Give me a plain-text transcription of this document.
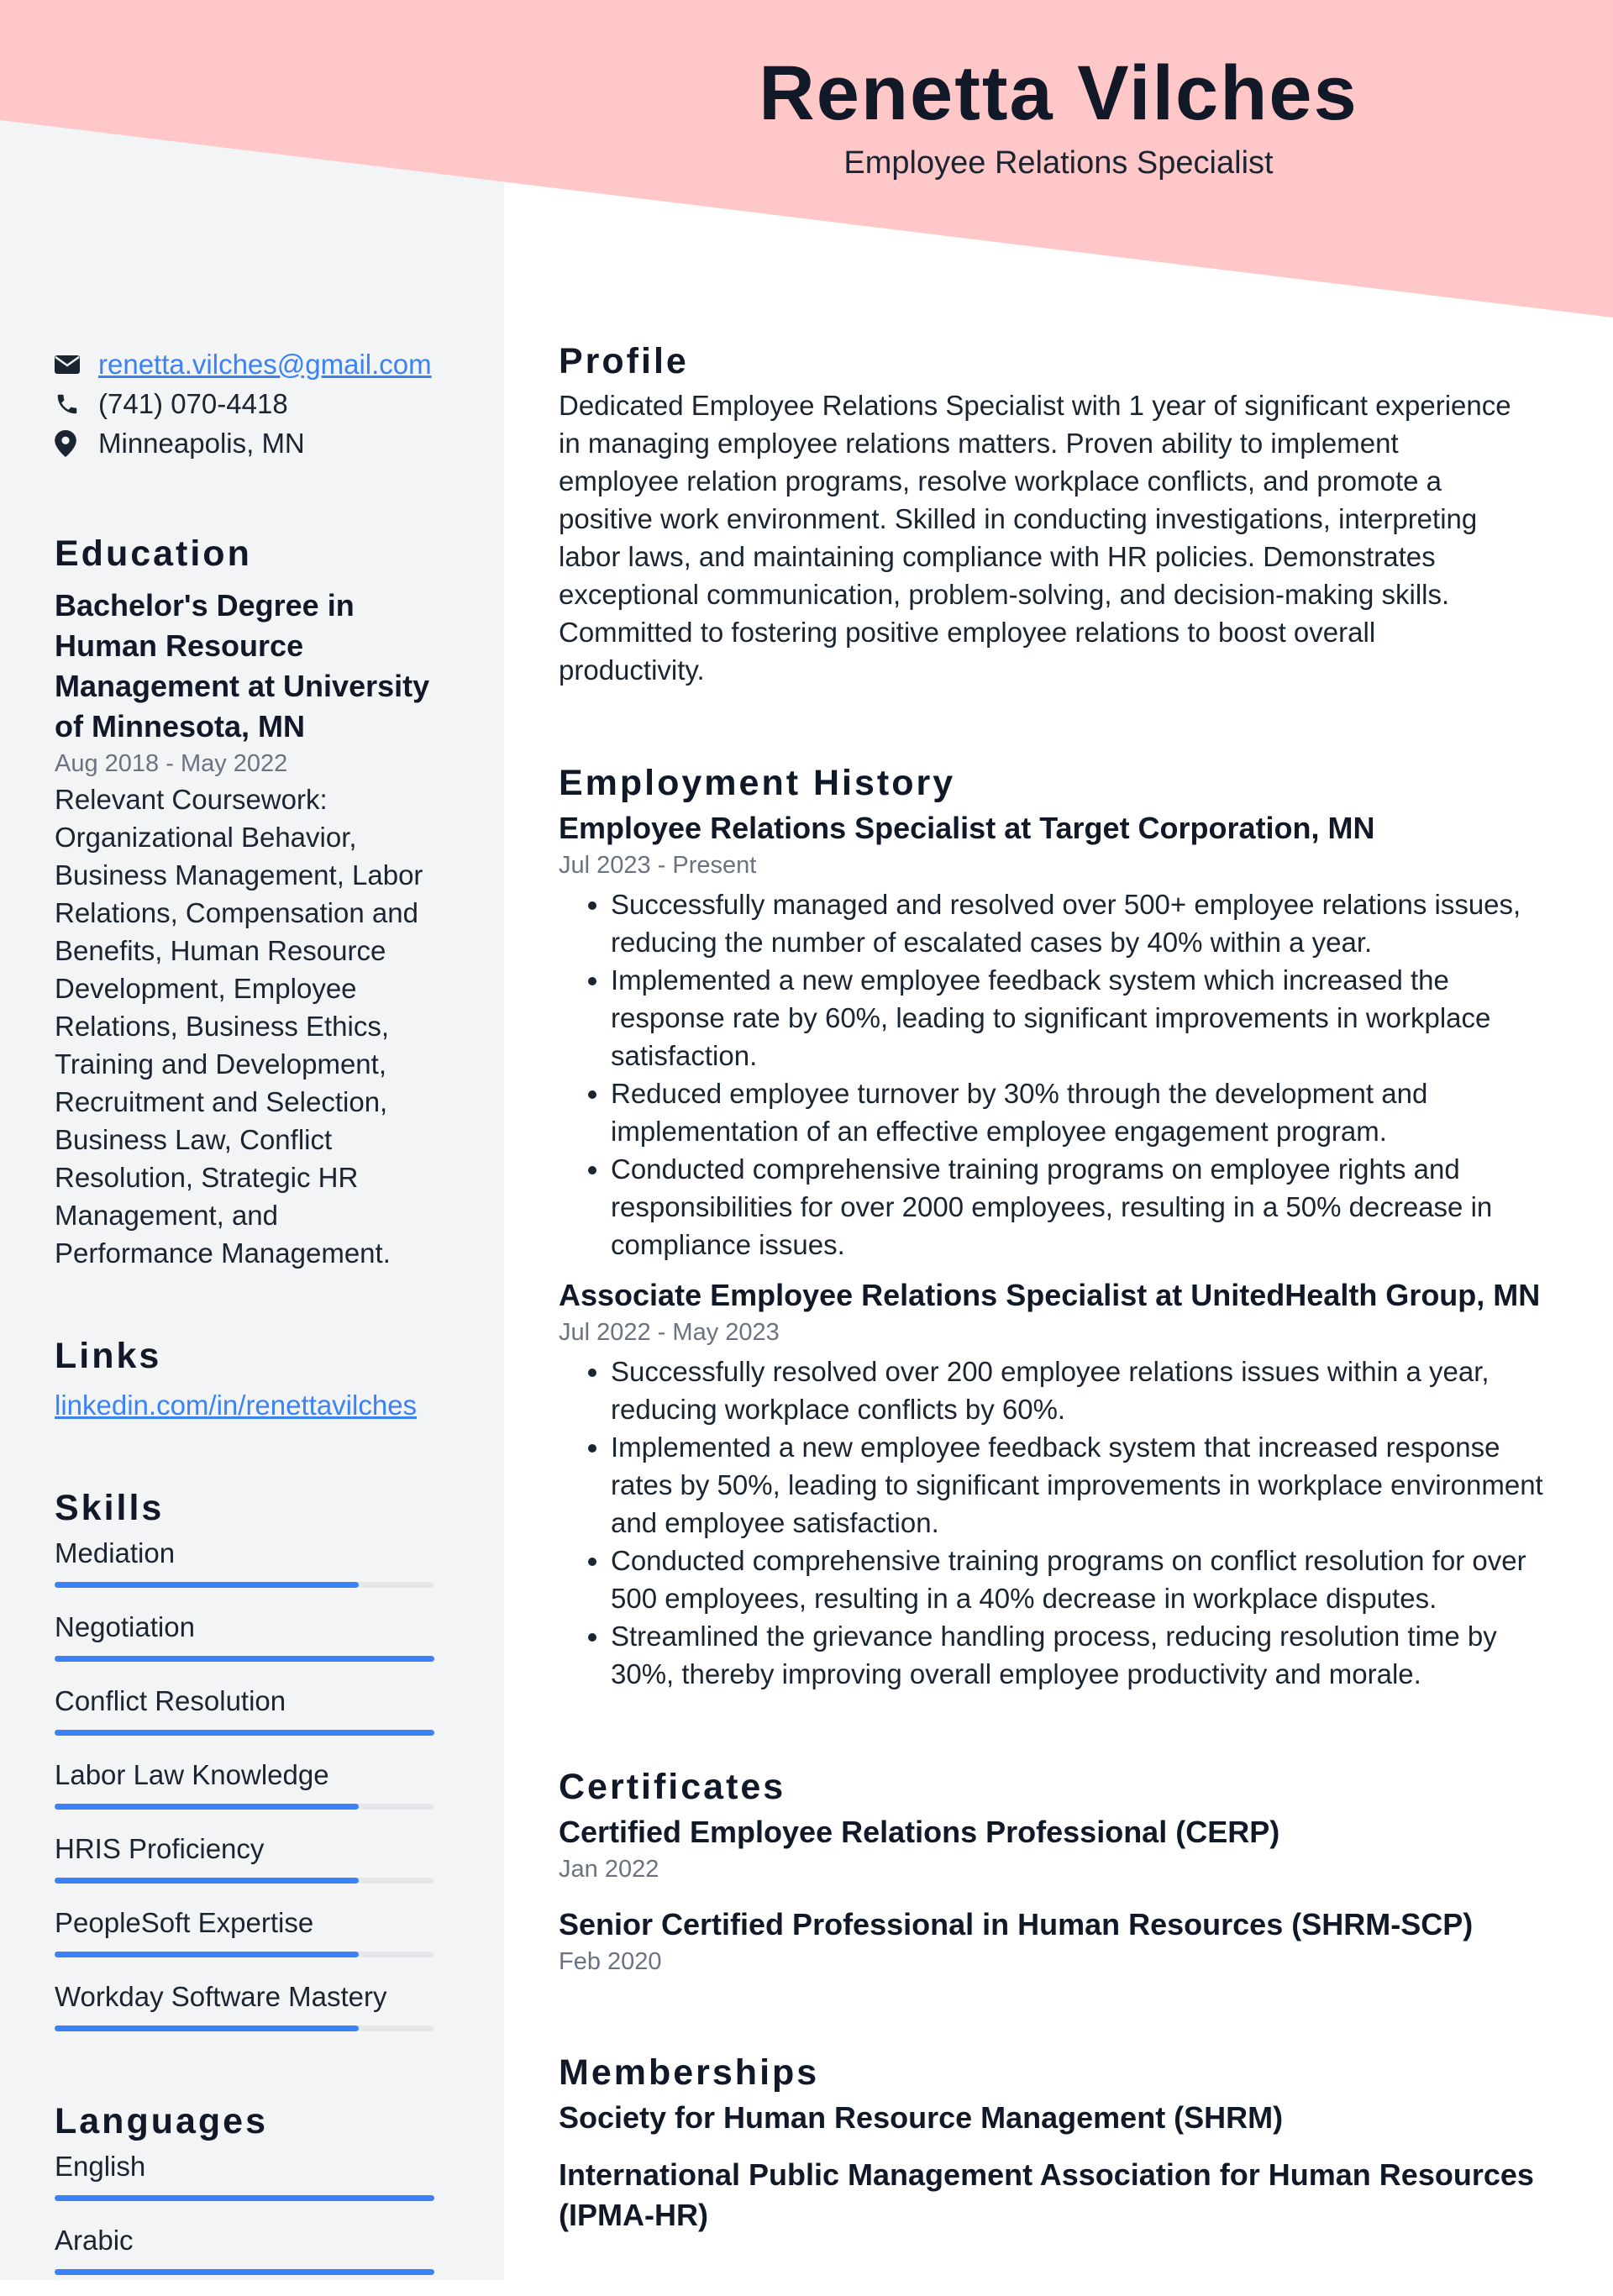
Renetta Vilches
Employee Relations Specialist
renetta.vilches@gmail.com
(741) 070-4418
Minneapolis, MN
Education
Bachelor's Degree in Human Resource Management at University of Minnesota, MN
Aug 2018 - May 2022
Relevant Coursework: Organizational Behavior, Business Management, Labor Relations, Compensation and Benefits, Human Resource Development, Employee Relations, Business Ethics, Training and Development, Recruitment and Selection, Business Law, Conflict Resolution, Strategic HR Management, and Performance Management.
Links
linkedin.com/in/renettavilches
Skills
Mediation
Negotiation
Conflict Resolution
Labor Law Knowledge
HRIS Proficiency
PeopleSoft Expertise
Workday Software Mastery
Languages
English
Arabic
Profile
Dedicated Employee Relations Specialist with 1 year of significant experience in managing employee relations matters. Proven ability to implement employee relation programs, resolve workplace conflicts, and promote a positive work environment. Skilled in conducting investigations, interpreting labor laws, and maintaining compliance with HR policies. Demonstrates exceptional communication, problem-solving, and decision-making skills. Committed to fostering positive employee relations to boost overall productivity.
Employment History
Employee Relations Specialist at Target Corporation, MN
Jul 2023 - Present
• Successfully managed and resolved over 500+ employee relations issues, reducing the number of escalated cases by 40% within a year.
• Implemented a new employee feedback system which increased the response rate by 60%, leading to significant improvements in workplace satisfaction.
• Reduced employee turnover by 30% through the development and implementation of an effective employee engagement program.
• Conducted comprehensive training programs on employee rights and responsibilities for over 2000 employees, resulting in a 50% decrease in compliance issues.
Associate Employee Relations Specialist at UnitedHealth Group, MN
Jul 2022 - May 2023
• Successfully resolved over 200 employee relations issues within a year, reducing workplace conflicts by 60%.
• Implemented a new employee feedback system that increased response rates by 50%, leading to significant improvements in workplace environment and employee satisfaction.
• Conducted comprehensive training programs on conflict resolution for over 500 employees, resulting in a 40% decrease in workplace disputes.
• Streamlined the grievance handling process, reducing resolution time by 30%, thereby improving overall employee productivity and morale.
Certificates
Certified Employee Relations Professional (CERP)
Jan 2022
Senior Certified Professional in Human Resources (SHRM-SCP)
Feb 2020
Memberships
Society for Human Resource Management (SHRM)
International Public Management Association for Human Resources (IPMA-HR)
